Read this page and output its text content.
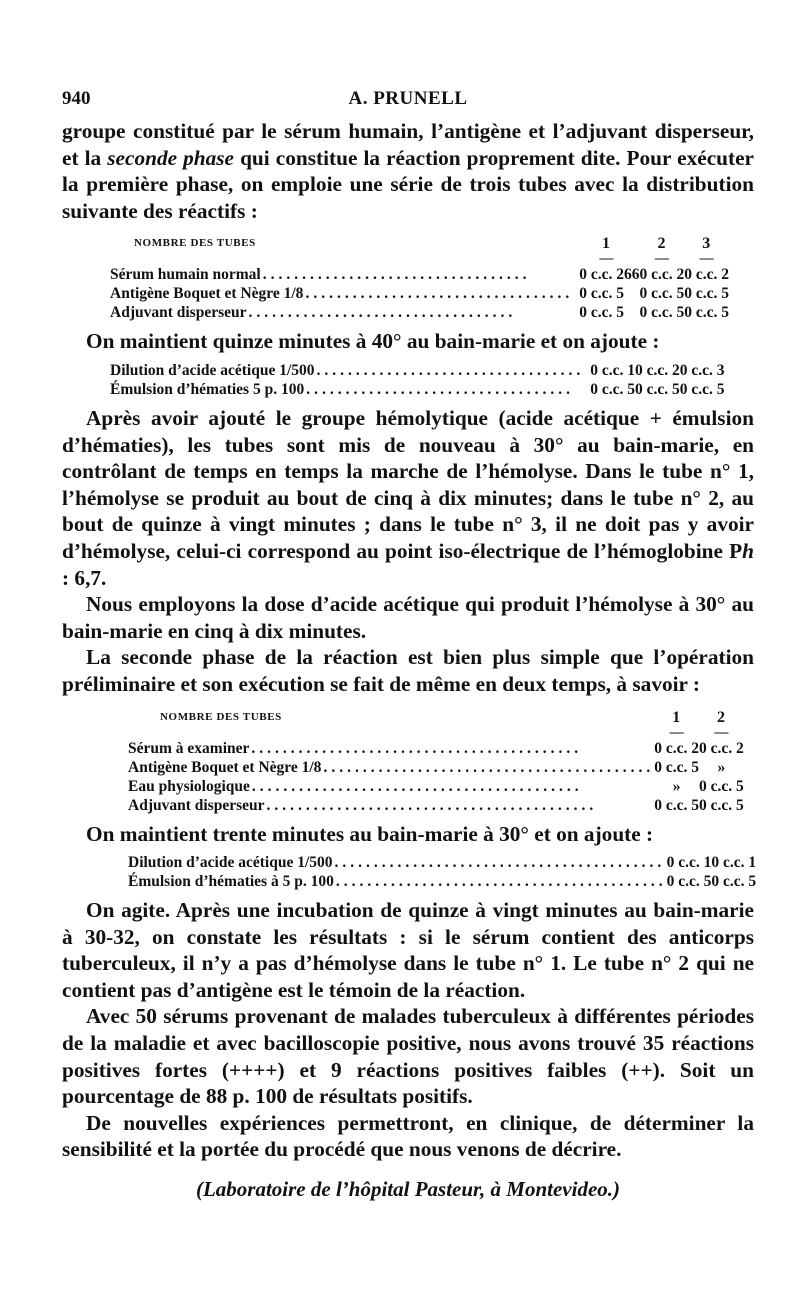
940	A. PRUNELL

groupe constitué par le sérum humain, l’antigène et l’adjuvant disperseur, et la seconde phase qui constitue la réaction proprement dite. Pour exécuter la première phase, on emploie une série de trois tubes avec la distribution suivante des réactifs :

NOMBRE DES TUBES	1	2	3
	—	—	—

Sérum humain normal ..................................	0 c.c. 266	0 c.c. 2	0 c.c. 2

Antigène Boquet et Nègre 1/8 ..................................	0 c.c. 5	0 c.c. 5	0 c.c. 5

Adjuvant disperseur ..................................	0 c.c. 5	0 c.c. 5	0 c.c. 5

On maintient quinze minutes à 40° au bain-marie et on ajoute :

Dilution d’acide acétique 1/500 ..................................	0 c.c. 1	0 c.c. 2	0 c.c. 3

Émulsion d’hématies 5 p. 100 ..................................	0 c.c. 5	0 c.c. 5	0 c.c. 5

Après avoir ajouté le groupe hémolytique (acide acétique + émulsion d’hématies), les tubes sont mis de nouveau à 30° au bain-marie, en contrôlant de temps en temps la marche de l’hémolyse. Dans le tube n° 1, l’hémolyse se produit au bout de cinq à dix minutes; dans le tube n° 2, au bout de quinze à vingt minutes ; dans le tube n° 3, il ne doit pas y avoir d’hémolyse, celui-ci correspond au point iso-électrique de l’hémoglobine Ph : 6,7.

Nous employons la dose d’acide acétique qui produit l’hémolyse à 30° au bain-marie en cinq à dix minutes.

La seconde phase de la réaction est bien plus simple que l’opération préliminaire et son exécution se fait de même en deux temps, à savoir :

NOMBRE DES TUBES	1	2
	—	—

Sérum à examiner ..........................................	0 c.c. 2	0 c.c. 2

Antigène Boquet et Nègre 1/8 ..........................................	0 c.c. 5	»

Eau physiologique ..........................................	»	0 c.c. 5

Adjuvant disperseur ..........................................	0 c.c. 5	0 c.c. 5

On maintient trente minutes au bain-marie à 30° et on ajoute :

Dilution d’acide acétique 1/500 ..........................................	0 c.c. 1	0 c.c. 1

Émulsion d’hématies à 5 p. 100 ..........................................	0 c.c. 5	0 c.c. 5

On agite. Après une incubation de quinze à vingt minutes au bain-marie à 30-32, on constate les résultats : si le sérum contient des anticorps tuberculeux, il n’y a pas d’hémolyse dans le tube n° 1. Le tube n° 2 qui ne contient pas d’antigène est le témoin de la réaction.

Avec 50 sérums provenant de malades tuberculeux à différentes périodes de la maladie et avec bacilloscopie positive, nous avons trouvé 35 réactions positives fortes (++++) et 9 réactions positives faibles (++). Soit un pourcentage de 88 p. 100 de résultats positifs.

De nouvelles expériences permettront, en clinique, de déterminer la sensibilité et la portée du procédé que nous venons de décrire.

(Laboratoire de l’hôpital Pasteur, à Montevideo.)
